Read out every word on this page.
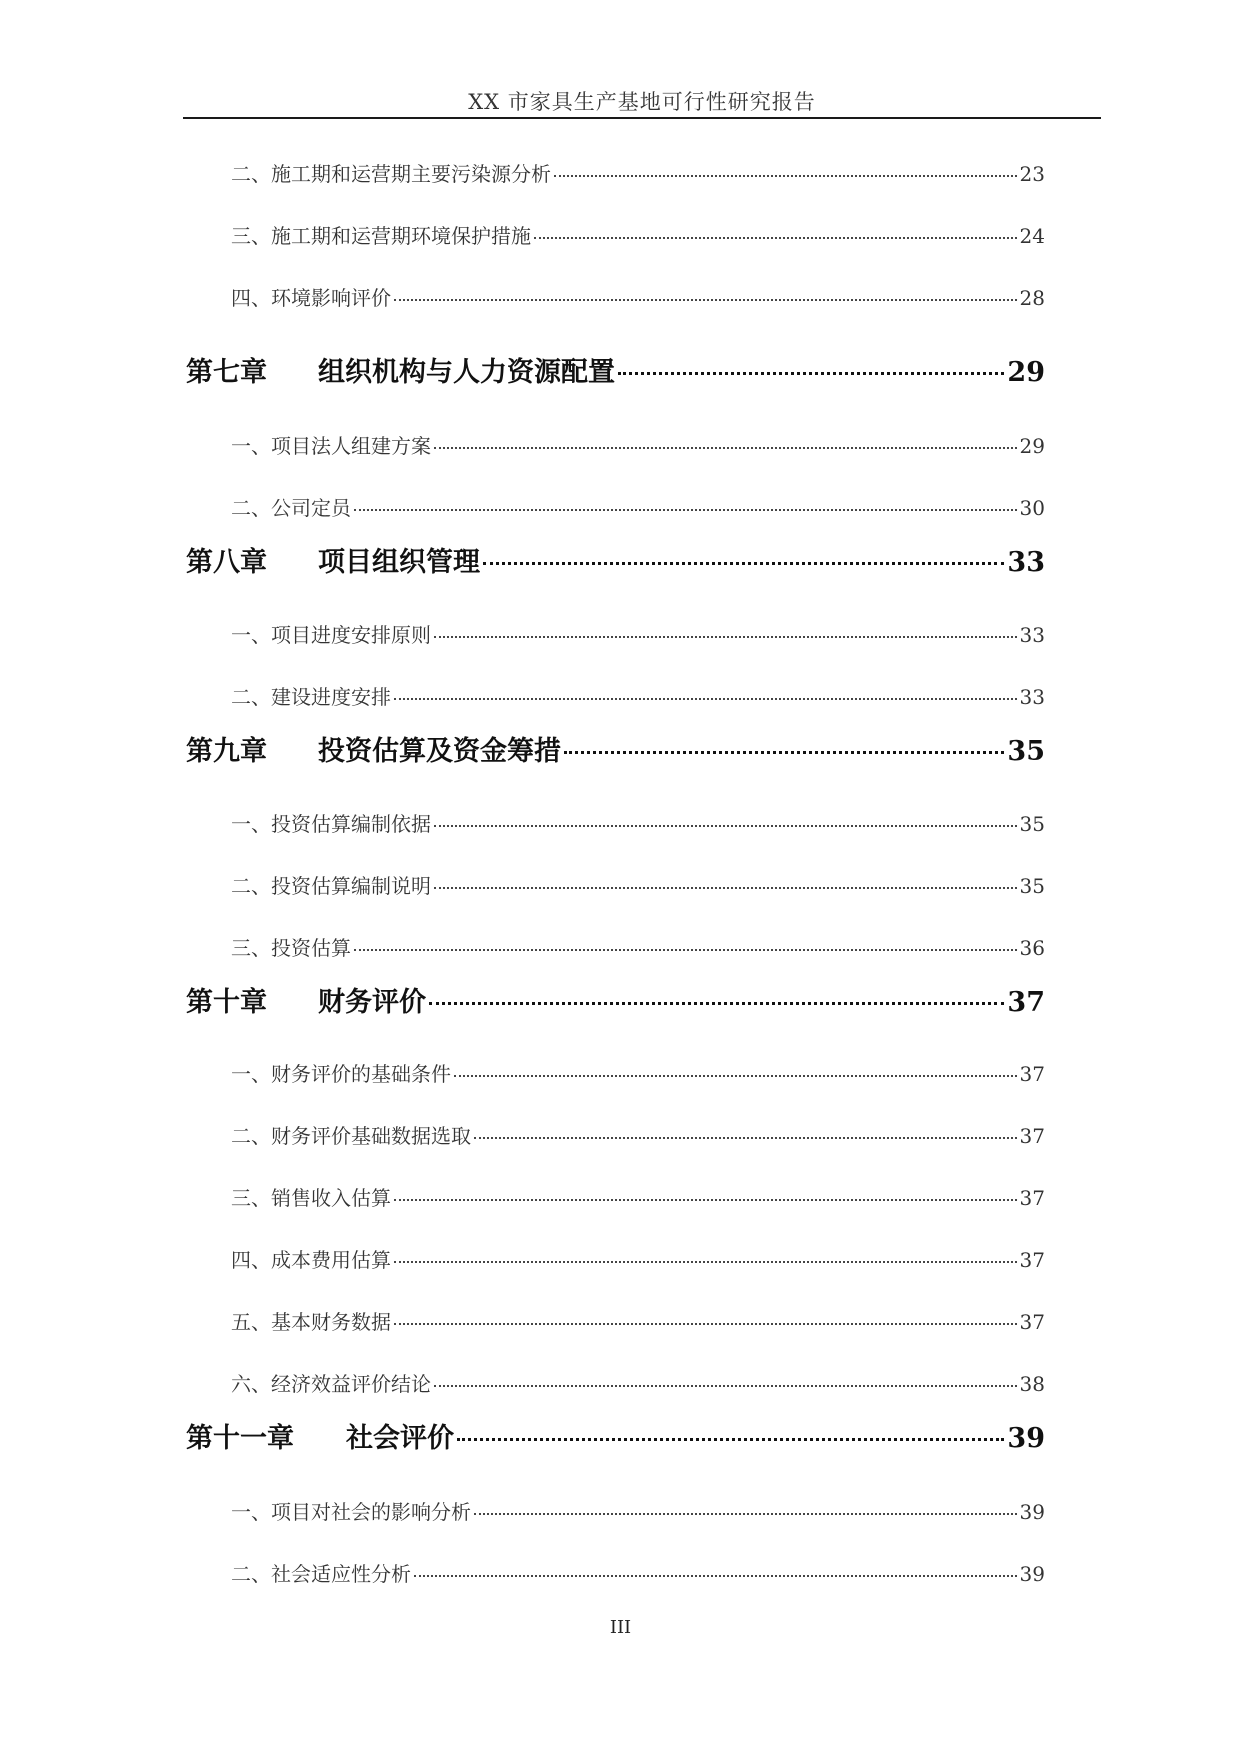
XX 市家具生产基地可行性研究报告
二、 施工期和运营期主要污染源分析	23
三、 施工期和运营期环境保护措施	24
四、 环境影响评价	28
第七章	组织机构与人力资源配置	29
一、 项目法人组建方案	29
二、 公司定员	30
第八章	项目组织管理	33
一、 项目进度安排原则	33
二、 建设进度安排	33
第九章	投资估算及资金筹措	35
一、 投资估算编制依据	35
二、 投资估算编制说明	35
三、 投资估算	36
第十章	财务评价	37
一、 财务评价的基础条件	37
二、 财务评价基础数据选取	37
三、 销售收入估算	37
四、 成本费用估算	37
五、 基本财务数据	37
六、 经济效益评价结论	38
第十一章	社会评价	39
一、 项目对社会的影响分析	39
二、 社会适应性分析	39
III
